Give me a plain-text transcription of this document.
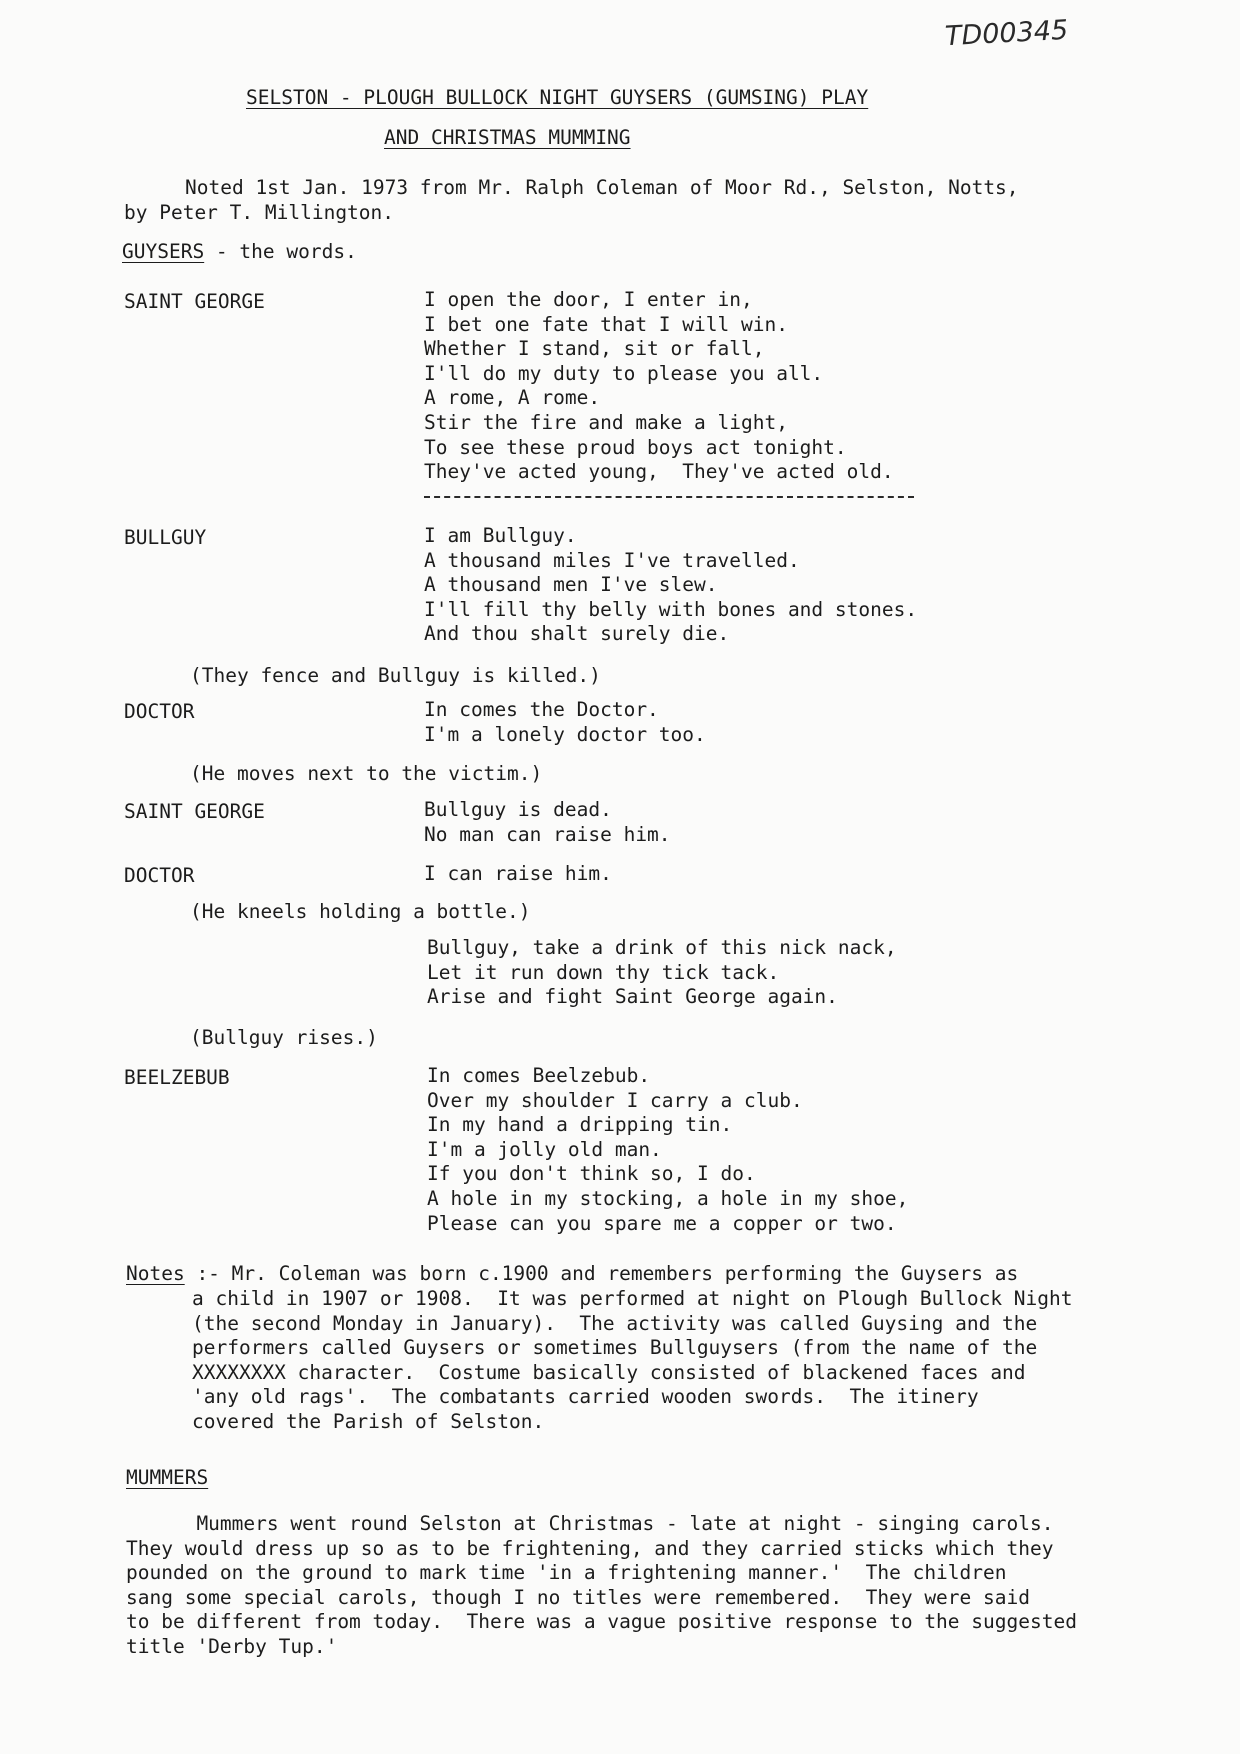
TD00345
SELSTON - PLOUGH BULLOCK NIGHT GUYSERS (GUMSING) PLAY
AND CHRISTMAS MUMMING
Noted 1st Jan. 1973 from Mr. Ralph Coleman of Moor Rd., Selston, Notts,
by Peter T. Millington.
GUYSERS - the words.
SAINT GEORGE	I open the door, I enter in,
I bet one fate that I will win.
Whether I stand, sit or fall,
I'll do my duty to please you all.
A rome, A rome.
Stir the fire and make a light,
To see these proud boys act tonight.
They've acted young,  They've acted old.
BULLGUY	I am Bullguy.
A thousand miles I've travelled.
A thousand men I've slew.
I'll fill thy belly with bones and stones.
And thou shalt surely die.
(They fence and Bullguy is killed.)
DOCTOR	In comes the Doctor.
I'm a lonely doctor too.
(He moves next to the victim.)
SAINT GEORGE	Bullguy is dead.
No man can raise him.
DOCTOR	I can raise him.
(He kneels holding a bottle.)
Bullguy, take a drink of this nick nack,
Let it run down thy tick tack.
Arise and fight Saint George again.
(Bullguy rises.)
BEELZEBUB	In comes Beelzebub.
Over my shoulder I carry a club.
In my hand a dripping tin.
I'm a jolly old man.
If you don't think so, I do.
A hole in my stocking, a hole in my shoe,
Please can you spare me a copper or two.
Notes :- Mr. Coleman was born c.1900 and remembers performing the Guysers as
a child in 1907 or 1908.  It was performed at night on Plough Bullock Night
(the second Monday in January).  The activity was called Guysing and the
performers called Guysers or sometimes Bullguysers (from the name of the
XXXXXXXX character.  Costume basically consisted of blackened faces and
'any old rags'.  The combatants carried wooden swords.  The itinery
covered the Parish of Selston.
MUMMERS
Mummers went round Selston at Christmas - late at night - singing carols.
They would dress up so as to be frightening, and they carried sticks which they
pounded on the ground to mark time 'in a frightening manner.'  The children
sang some special carols, though I no titles were remembered.  They were said
to be different from today.  There was a vague positive response to the suggested
title 'Derby Tup.'
